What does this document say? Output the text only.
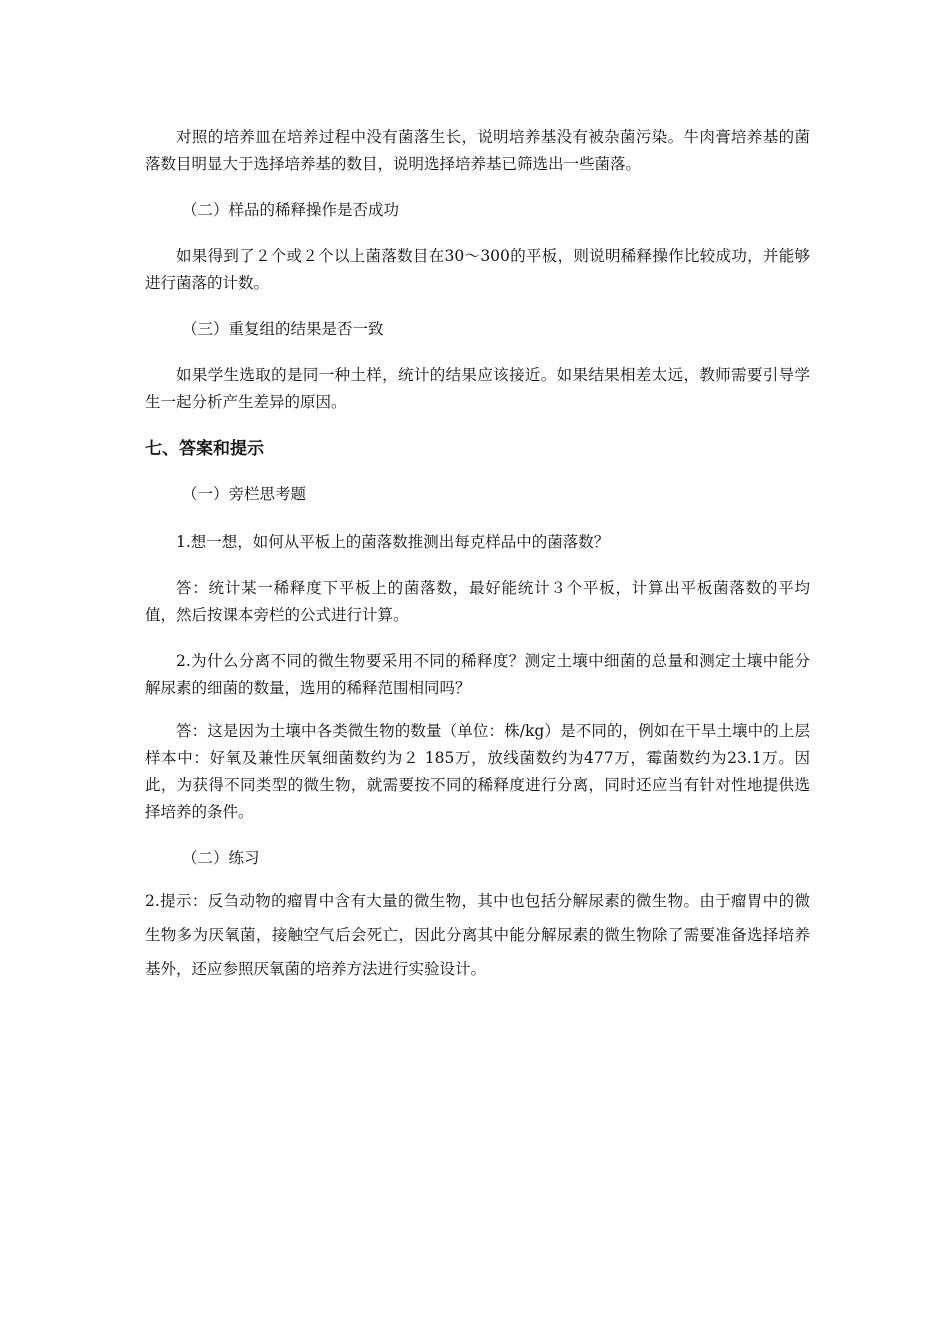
对照的培养皿在培养过程中没有菌落生长，说明培养基没有被杂菌污染。牛肉膏培养基的菌落数目明显大于选择培养基的数目，说明选择培养基已筛选出一些菌落。

（二）样品的稀释操作是否成功

如果得到了２个或２个以上菌落数目在30～300的平板，则说明稀释操作比较成功，并能够进行菌落的计数。

（三）重复组的结果是否一致

如果学生选取的是同一种土样，统计的结果应该接近。如果结果相差太远，教师需要引导学生一起分析产生差异的原因。

七、答案和提示

（一）旁栏思考题

1.想一想，如何从平板上的菌落数推测出每克样品中的菌落数？

答：统计某一稀释度下平板上的菌落数，最好能统计３个平板，计算出平板菌落数的平均值，然后按课本旁栏的公式进行计算。

2.为什么分离不同的微生物要采用不同的稀释度？测定土壤中细菌的总量和测定土壤中能分解尿素的细菌的数量，选用的稀释范围相同吗？

答：这是因为土壤中各类微生物的数量（单位：株/kg）是不同的，例如在干旱土壤中的上层样本中：好氧及兼性厌氧细菌数约为２ 185万，放线菌数约为477万，霉菌数约为23.1万。因此，为获得不同类型的微生物，就需要按不同的稀释度进行分离，同时还应当有针对性地提供选择培养的条件。

（二）练习

2.提示：反刍动物的瘤胃中含有大量的微生物，其中也包括分解尿素的微生物。由于瘤胃中的微生物多为厌氧菌，接触空气后会死亡，因此分离其中能分解尿素的微生物除了需要准备选择培养基外，还应参照厌氧菌的培养方法进行实验设计。
